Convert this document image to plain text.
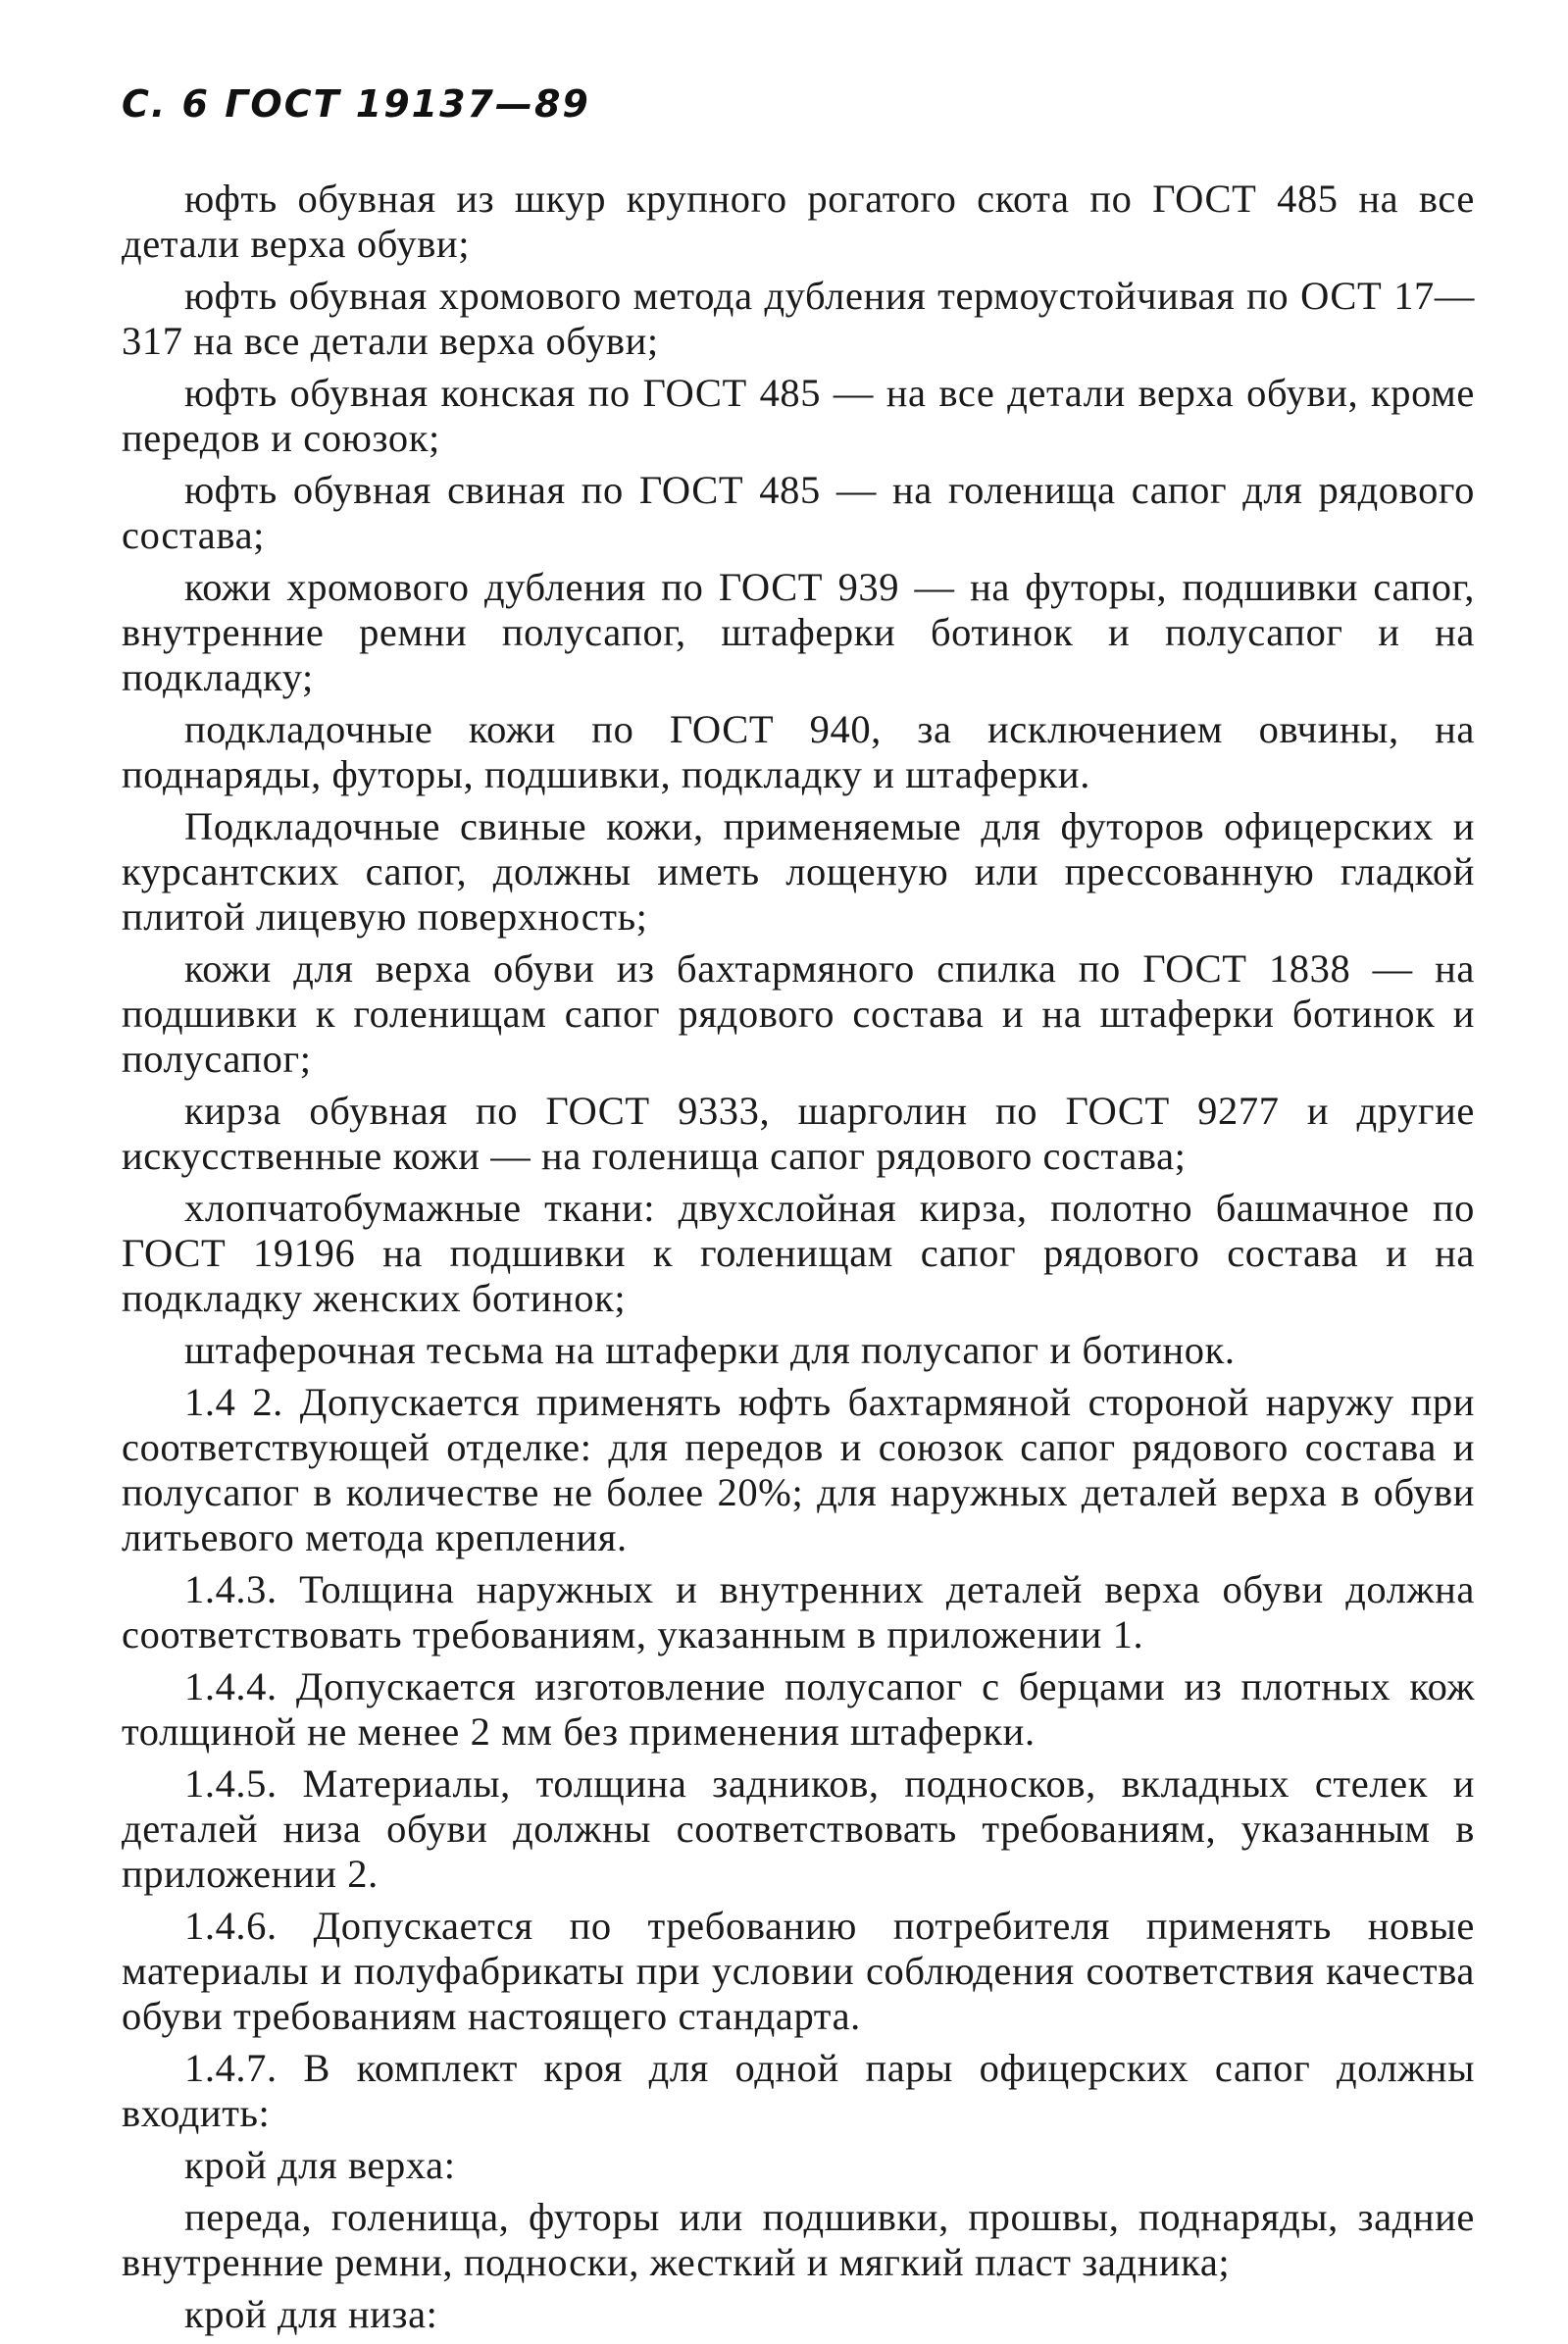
С. 6 ГОСТ 19137—89

юфть обувная из шкур крупного рогатого скота по ГОСТ 485 на все детали верха обуви;

юфть обувная хромового метода дубления термоустойчивая по ОСТ 17—317 на все детали верха обуви;

юфть обувная конская по ГОСТ 485 — на все детали верха обуви, кроме передов и союзок;

юфть обувная свиная по ГОСТ 485 — на голенища сапог для рядового состава;

кожи хромового дубления по ГОСТ 939 — на футоры, подшивки сапог, внутренние ремни полусапог, штаферки ботинок и полусапог и на подкладку;

подкладочные кожи по ГОСТ 940, за исключением овчины, на поднаряды, футоры, подшивки, подкладку и штаферки.

Подкладочные свиные кожи, применяемые для футоров офицерских и курсантских сапог, должны иметь лощеную или прессованную гладкой плитой лицевую поверхность;

кожи для верха обуви из бахтармяного спилка по ГОСТ 1838 — на подшивки к голенищам сапог рядового состава и на штаферки ботинок и полусапог;

кирза обувная по ГОСТ 9333, шарголин по ГОСТ 9277 и другие искусственные кожи — на голенища сапог рядового состава;

хлопчатобумажные ткани: двухслойная кирза, полотно башмачное по ГОСТ 19196 на подшивки к голенищам сапог рядового состава и на подкладку женских ботинок;

штаферочная тесьма на штаферки для полусапог и ботинок.

1.4 2. Допускается применять юфть бахтармяной стороной наружу при соответствующей отделке: для передов и союзок сапог рядового состава и полусапог в количестве не более 20%; для наружных деталей верха в обуви литьевого метода крепления.

1.4.3. Толщина наружных и внутренних деталей верха обуви должна соответствовать требованиям, указанным в приложении 1.

1.4.4. Допускается изготовление полусапог с берцами из плотных кож толщиной не менее 2 мм без применения штаферки.

1.4.5. Материалы, толщина задников, подносков, вкладных стелек и деталей низа обуви должны соответствовать требованиям, указанным в приложении 2.

1.4.6. Допускается по требованию потребителя применять новые материалы и полуфабрикаты при условии соблюдения соответствия качества обуви требованиям настоящего стандарта.

1.4.7. В комплект кроя для одной пары офицерских сапог должны входить:

крой для верха:

переда, голенища, футоры или подшивки, прошвы, поднаряды, задние внутренние ремни, подноски, жесткий и мягкий пласт задника;

крой для низа:
